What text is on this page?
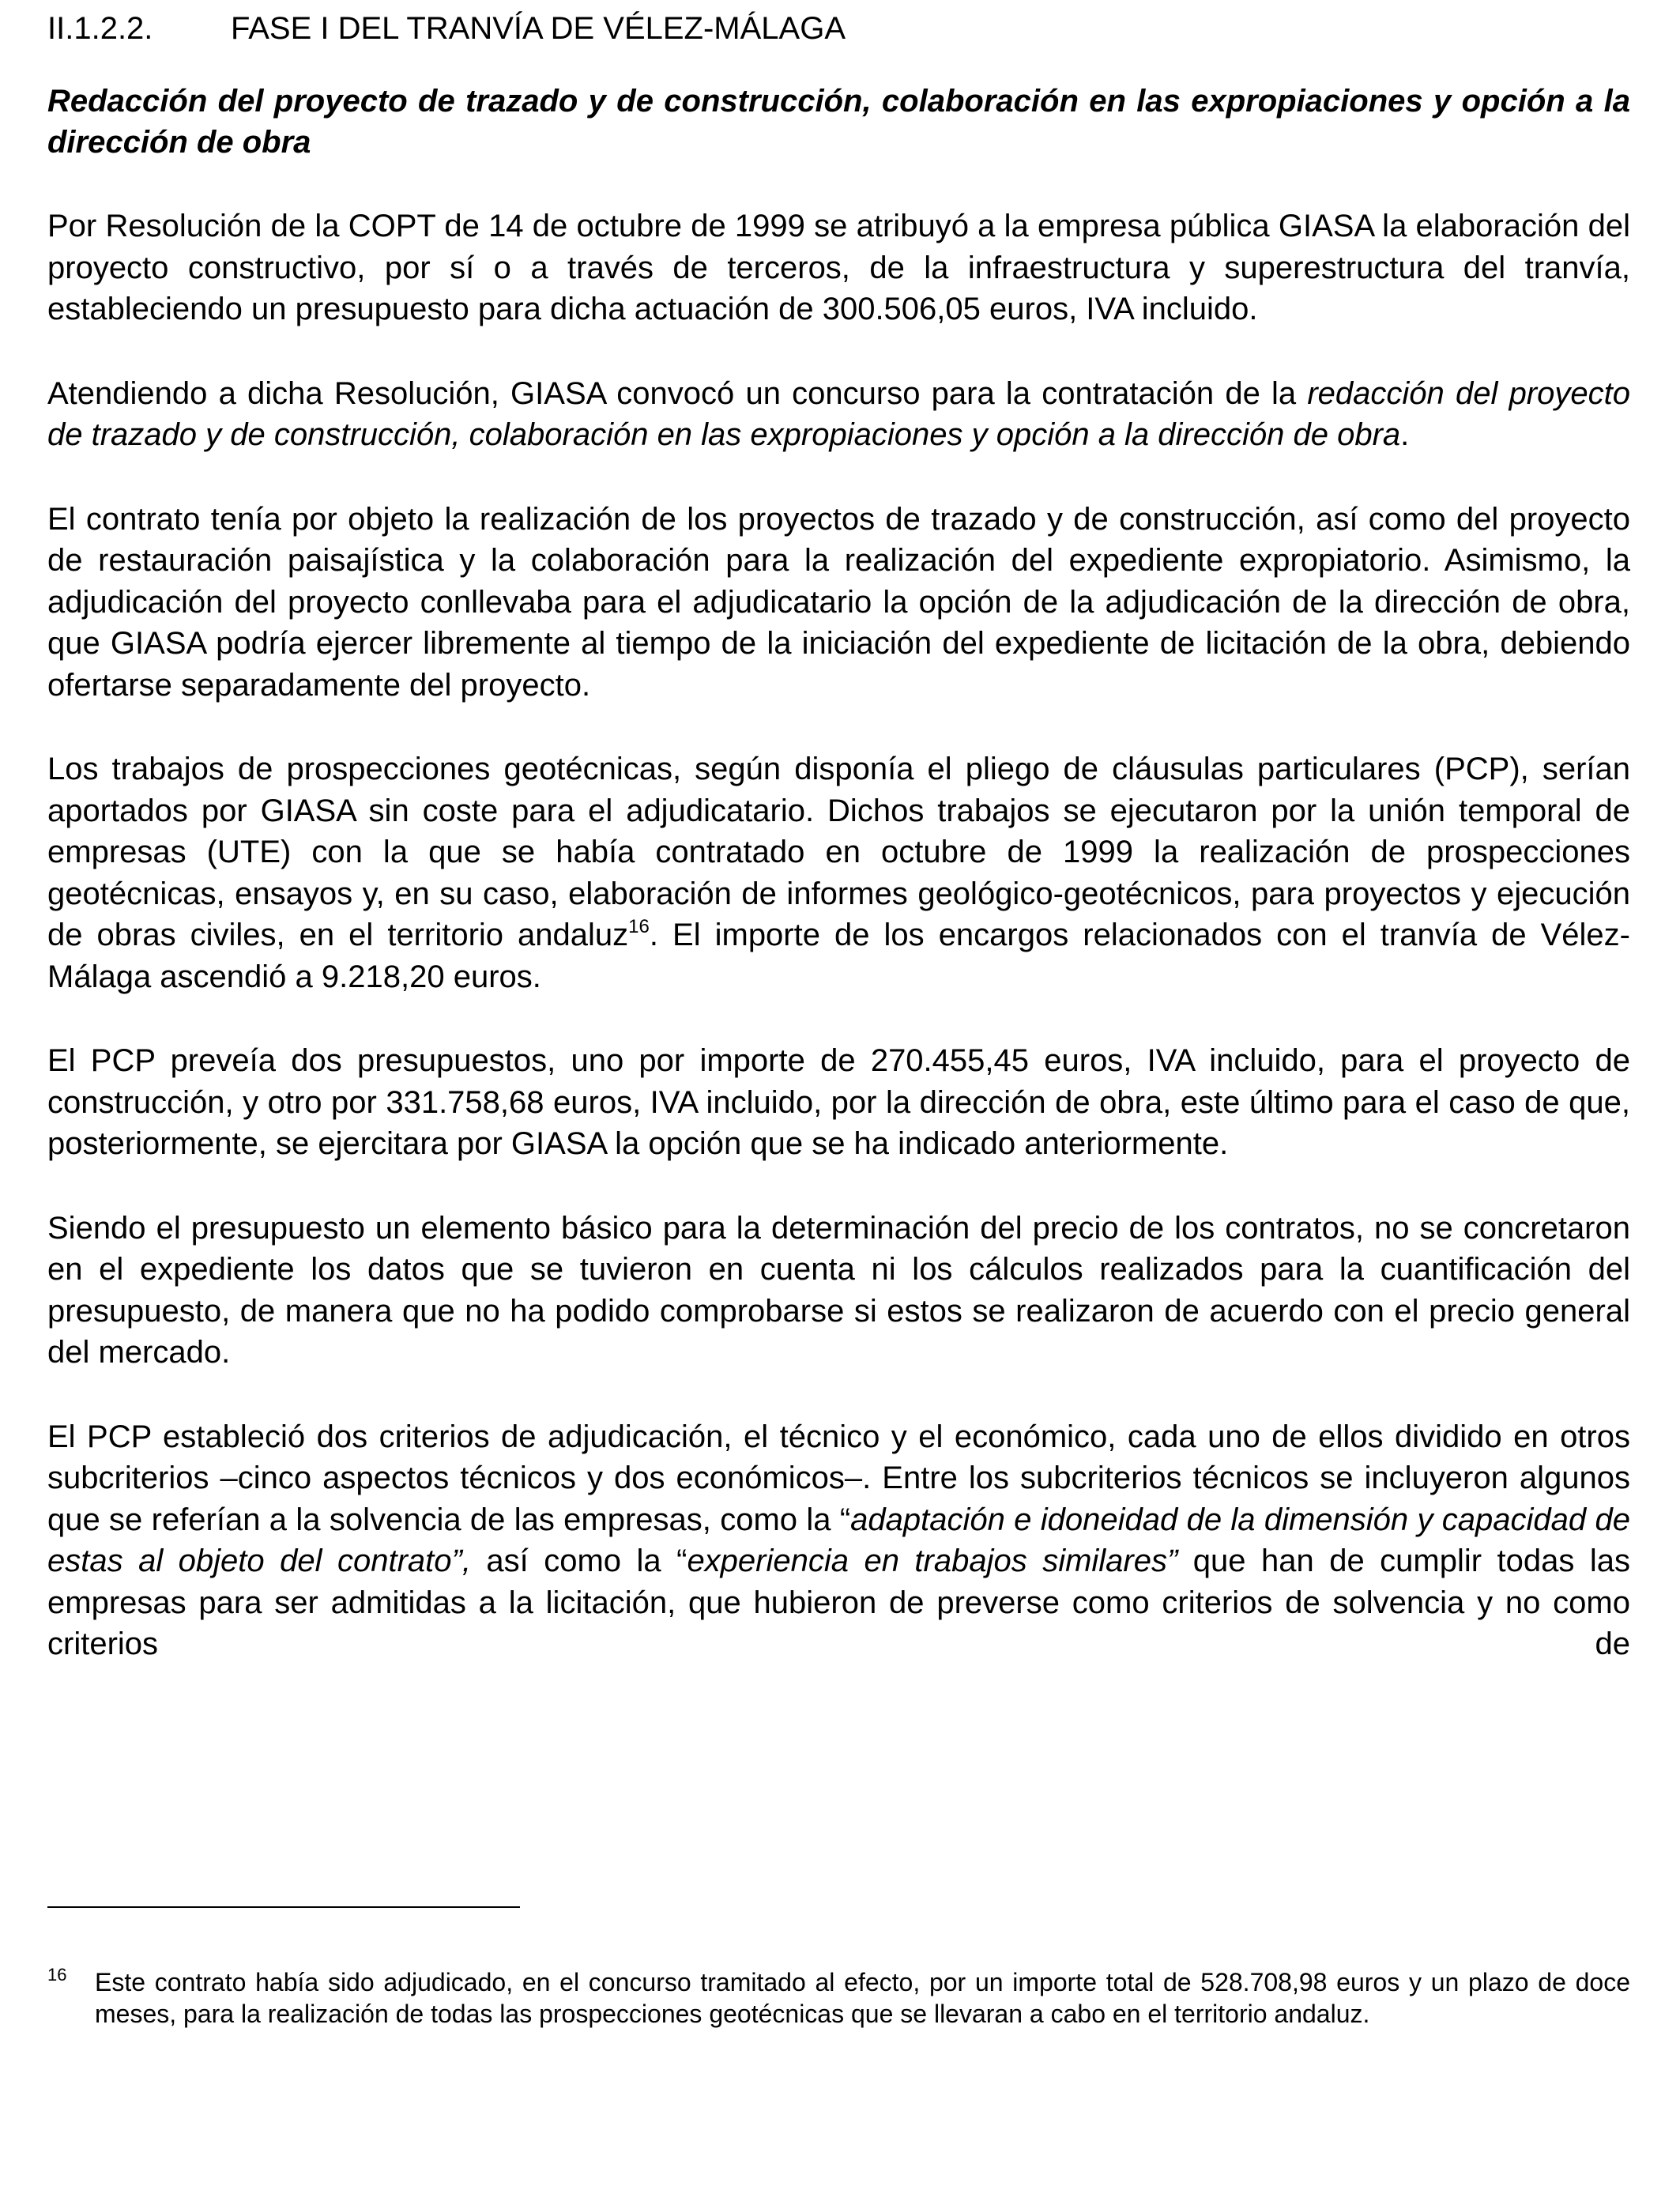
II.1.2.2.	FASE I DEL TRANVÍA DE VÉLEZ-MÁLAGA

Redacción del proyecto de trazado y de construcción, colaboración en las expropiaciones y opción a la dirección de obra

Por Resolución de la COPT de 14 de octubre de 1999 se atribuyó a la empresa pública GIASA la elaboración del proyecto constructivo, por sí o a través de terceros, de la infraestructura y superestructura del tranvía, estableciendo un presupuesto para dicha actuación de 300.506,05 euros, IVA incluido.

Atendiendo a dicha Resolución, GIASA convocó un concurso para la contratación de la redacción del proyecto de trazado y de construcción, colaboración en las expropiaciones y opción a la dirección de obra.

El contrato tenía por objeto la realización de los proyectos de trazado y de construcción, así como del proyecto de restauración paisajística y la colaboración para la realización del expediente expropiatorio. Asimismo, la adjudicación del proyecto conllevaba para el adjudicatario la opción de la adjudicación de la dirección de obra, que GIASA podría ejercer libremente al tiempo de la iniciación del expediente de licitación de la obra, debiendo ofertarse separadamente del proyecto.

Los trabajos de prospecciones geotécnicas, según disponía el pliego de cláusulas particulares (PCP), serían aportados por GIASA sin coste para el adjudicatario. Dichos trabajos se ejecutaron por la unión temporal de empresas (UTE) con la que se había contratado en octubre de 1999 la realización de prospecciones geotécnicas, ensayos y, en su caso, elaboración de informes geológico-geotécnicos, para proyectos y ejecución de obras civiles, en el territorio andaluz$^{16}$. El importe de los encargos relacionados con el tranvía de Vélez-Málaga ascendió a 9.218,20 euros.

El PCP preveía dos presupuestos, uno por importe de 270.455,45 euros, IVA incluido, para el proyecto de construcción, y otro por 331.758,68 euros, IVA incluido, por la dirección de obra, este último para el caso de que, posteriormente, se ejercitara por GIASA la opción que se ha indicado anteriormente.

Siendo el presupuesto un elemento básico para la determinación del precio de los contratos, no se concretaron en el expediente los datos que se tuvieron en cuenta ni los cálculos realizados para la cuantificación del presupuesto, de manera que no ha podido comprobarse si estos se realizaron de acuerdo con el precio general del mercado.

El PCP estableció dos criterios de adjudicación, el técnico y el económico, cada uno de ellos dividido en otros subcriterios –cinco aspectos técnicos y dos económicos–. Entre los subcriterios técnicos se incluyeron algunos que se referían a la solvencia de las empresas, como la “adaptación e idoneidad de la dimensión y capacidad de estas al objeto del contrato”, así como la “experiencia en trabajos similares” que han de cumplir todas las empresas para ser admitidas a la licitación, que hubieron de preverse como criterios de solvencia y no como criterios de

16	Este contrato había sido adjudicado, en el concurso tramitado al efecto, por un importe total de 528.708,98 euros y un plazo de doce meses, para la realización de todas las prospecciones geotécnicas que se llevaran a cabo en el territorio andaluz.
